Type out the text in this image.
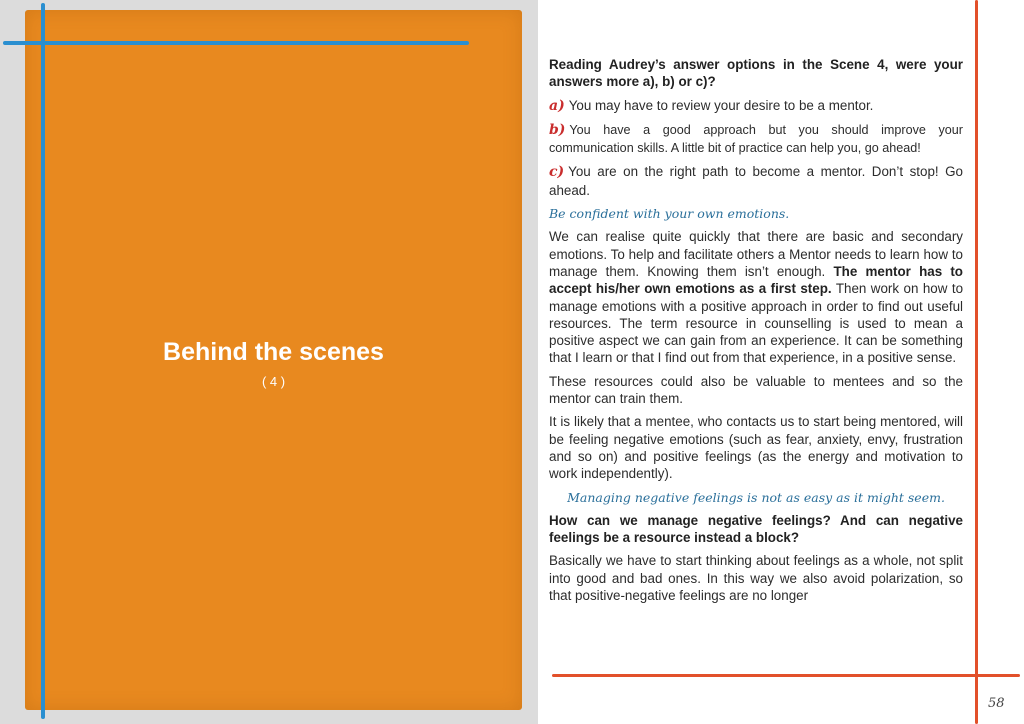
Behind the scenes
( 4 )
58

Reading Audrey’s answer options in the Scene 4, were your answers more a), b) or c)?

a) You may have to review your desire to be a mentor.

b) You have a good approach but you should improve your communication skills. A little bit of practice can help you, go ahead!

c) You are on the right path to become a mentor. Don’t stop! Go ahead.

Be confident with your own emotions.

We can realise quite quickly that there are basic and secondary emotions. To help and facilitate others a Mentor needs to learn how to manage them. Knowing them isn’t enough. The mentor has to accept his/her own emotions as a first step. Then work on how to manage emotions with a positive approach in order to find out useful resources. The term resource in counselling is used to mean a positive aspect we can gain from an experience. It can be something that I learn or that I find out from that experience, in a positive sense.

These resources could also be valuable to mentees and so the mentor can train them.

It is likely that a mentee, who contacts us to start being mentored, will be feeling negative emotions (such as fear, anxiety, envy, frustration and so on) and positive feelings (as the energy and motivation to work independently).

Managing negative feelings is not as easy as it might seem.

How can we manage negative feelings? And can negative feelings be a resource instead a block?

Basically we have to start thinking about feelings as a whole, not split into good and bad ones. In this way we also avoid polarization, so that positive-negative feelings are no longer
